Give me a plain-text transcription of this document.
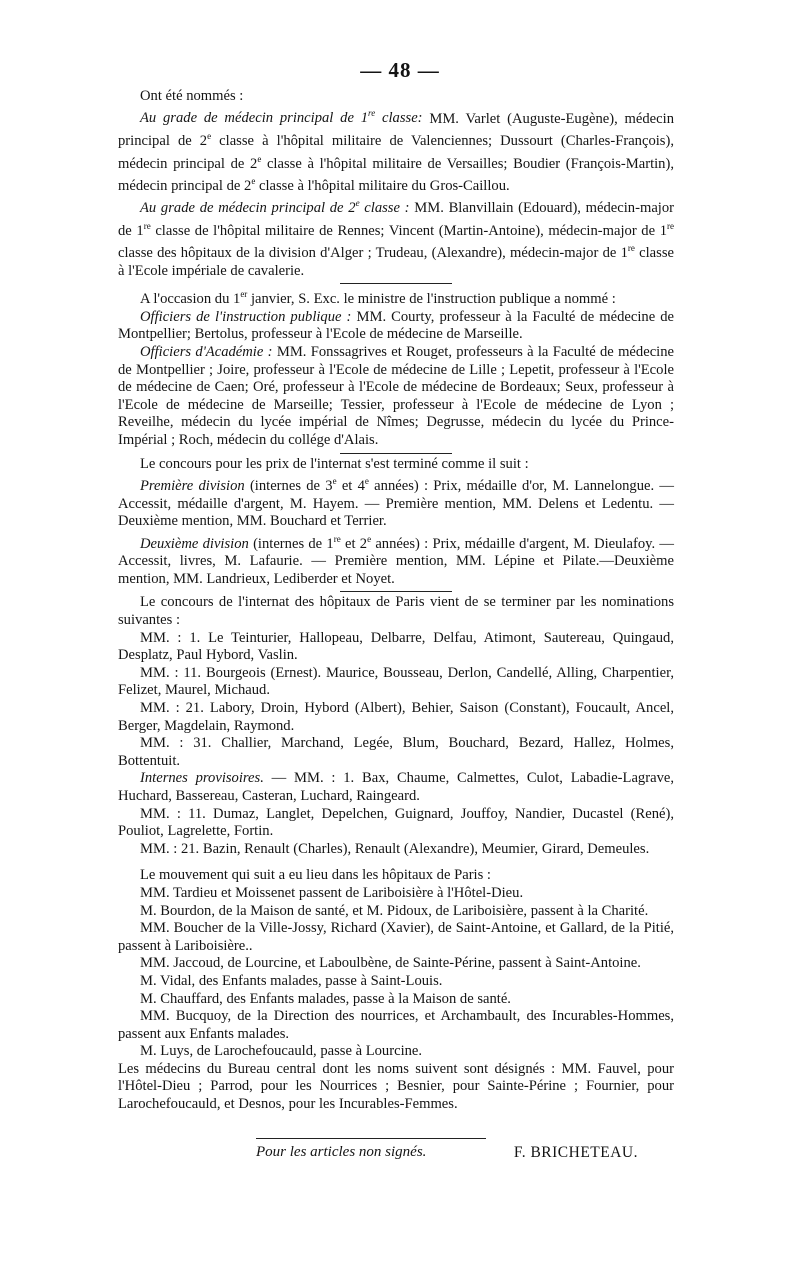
— 48 —

Ont été nommés :

Au grade de médecin principal de 1re classe: MM. Varlet (Auguste-Eugène), médecin principal de 2e classe à l'hôpital militaire de Valenciennes; Dussourt (Charles-François), médecin principal de 2e classe à l'hôpital militaire de Versailles; Boudier (François-Martin), médecin principal de 2e classe à l'hôpital militaire du Gros-Caillou.

Au grade de médecin principal de 2e classe : MM. Blanvillain (Edouard), médecin-major de 1re classe de l'hôpital militaire de Rennes; Vincent (Martin-Antoine), médecin-major de 1re classe des hôpitaux de la division d'Alger ; Trudeau, (Alexandre), médecin-major de 1re classe à l'Ecole impériale de cavalerie.

A l'occasion du 1er janvier, S. Exc. le ministre de l'instruction publique a nommé :

Officiers de l'instruction publique : MM. Courty, professeur à la Faculté de médecine de Montpellier; Bertolus, professeur à l'Ecole de médecine de Marseille.

Officiers d'Académie : MM. Fonssagrives et Rouget, professeurs à la Faculté de médecine de Montpellier ; Joire, professeur à l'Ecole de médecine de Lille ; Lepetit, professeur à l'Ecole de médecine de Caen; Oré, professeur à l'Ecole de médecine de Bordeaux; Seux, professeur à l'Ecole de médecine de Marseille; Tessier, professeur à l'Ecole de médecine de Lyon ; Reveilhe, médecin du lycée impérial de Nîmes; Degrusse, médecin du lycée du Prince-Impérial ; Roch, médecin du collége d'Alais.

Le concours pour les prix de l'internat s'est terminé comme il suit :

Première division (internes de 3e et 4e années) : Prix, médaille d'or, M. Lannelongue. — Accessit, médaille d'argent, M. Hayem. — Première mention, MM. Delens et Ledentu. — Deuxième mention, MM. Bouchard et Terrier.

Deuxième division (internes de 1re et 2e années) : Prix, médaille d'argent, M. Dieulafoy. — Accessit, livres, M. Lafaurie. — Première mention, MM. Lépine et Pilate.—Deuxième mention, MM. Landrieux, Lediberder et Noyet.

Le concours de l'internat des hôpitaux de Paris vient de se terminer par les nominations suivantes :

MM. : 1. Le Teinturier, Hallopeau, Delbarre, Delfau, Atimont, Sautereau, Quingaud, Desplatz, Paul Hybord, Vaslin.

MM. : 11. Bourgeois (Ernest). Maurice, Bousseau, Derlon, Candellé, Alling, Charpentier, Felizet, Maurel, Michaud.

MM. : 21. Labory, Droin, Hybord (Albert), Behier, Saison (Constant), Foucault, Ancel, Berger, Magdelain, Raymond.

MM. : 31. Challier, Marchand, Legée, Blum, Bouchard, Bezard, Hallez, Holmes, Bottentuit.

Internes provisoires. — MM. : 1. Bax, Chaume, Calmettes, Culot, Labadie-Lagrave, Huchard, Bassereau, Casteran, Luchard, Raingeard.

MM. : 11. Dumaz, Langlet, Depelchen, Guignard, Jouffoy, Nandier, Ducastel (René), Pouliot, Lagrelette, Fortin.

MM. : 21. Bazin, Renault (Charles), Renault (Alexandre), Meumier, Girard, Demeules.

Le mouvement qui suit a eu lieu dans les hôpitaux de Paris :

MM. Tardieu et Moissenet passent de Lariboisière à l'Hôtel-Dieu.

M. Bourdon, de la Maison de santé, et M. Pidoux, de Lariboisière, passent à la Charité.

MM. Boucher de la Ville-Jossy, Richard (Xavier), de Saint-Antoine, et Gallard, de la Pitié, passent à Lariboisière..

MM. Jaccoud, de Lourcine, et Laboulbène, de Sainte-Périne, passent à Saint-Antoine.

M. Vidal, des Enfants malades, passe à Saint-Louis.

M. Chauffard, des Enfants malades, passe à la Maison de santé.

MM. Bucquoy, de la Direction des nourrices, et Archambault, des Incurables-Hommes, passent aux Enfants malades.

M. Luys, de Larochefoucauld, passe à Lourcine.

Les médecins du Bureau central dont les noms suivent sont désignés : MM. Fauvel, pour l'Hôtel-Dieu ; Parrod, pour les Nourrices ; Besnier, pour Sainte-Périne ; Fournier, pour Larochefoucauld, et Desnos, pour les Incurables-Femmes.

Pour les articles non signés.	F. BRICHETEAU.
